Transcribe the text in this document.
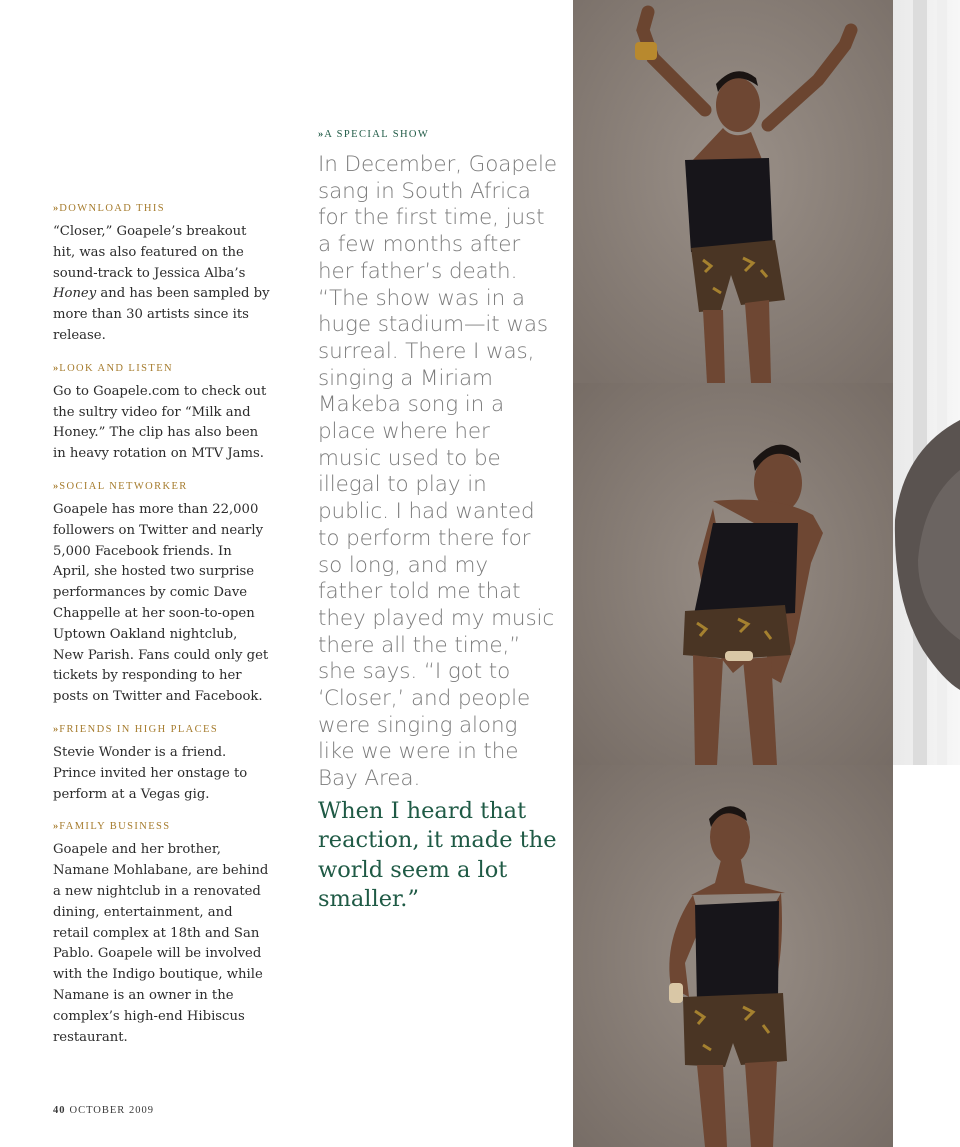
»DOWNLOAD THIS

“Closer,” Goapele’s breakout hit, was also featured on the sound-track to Jessica Alba’s Honey and has been sampled by more than 30 artists since its release.

»LOOK AND LISTEN

Go to Goapele.com to check out the sultry video for “Milk and Honey.” The clip has also been in heavy rotation on MTV Jams.

»SOCIAL NETWORKER

Goapele has more than 22,000 followers on Twitter and nearly 5,000 Facebook friends. In April, she hosted two surprise performances by comic Dave Chappelle at her soon-to-open Uptown Oakland nightclub, New Parish. Fans could only get tickets by responding to her posts on Twitter and Facebook.

»FRIENDS IN HIGH PLACES

Stevie Wonder is a friend. Prince invited her onstage to perform at a Vegas gig.

»FAMILY BUSINESS

Goapele and her brother, Namane Mohlabane, are behind a new nightclub in a renovated dining, entertainment, and retail complex at 18th and San Pablo. Goapele will be involved with the Indigo boutique, while Namane is an owner in the complex’s high-end Hibiscus restaurant.

»A SPECIAL SHOW

In December, Goapele sang in South Africa for the first time, just a few months after her father’s death. “The show was in a huge stadium—it was surreal. There I was, singing a Miriam Makeba song in a place where her music used to be illegal to play in public. I had wanted to perform there for so long, and my father told me that they played my music there all the time,” she says. “I got to ‘Closer,’ and people were singing along like we were in the Bay Area.

When I heard that reaction, it made the world seem a lot smaller.”

40 OCTOBER 2009
